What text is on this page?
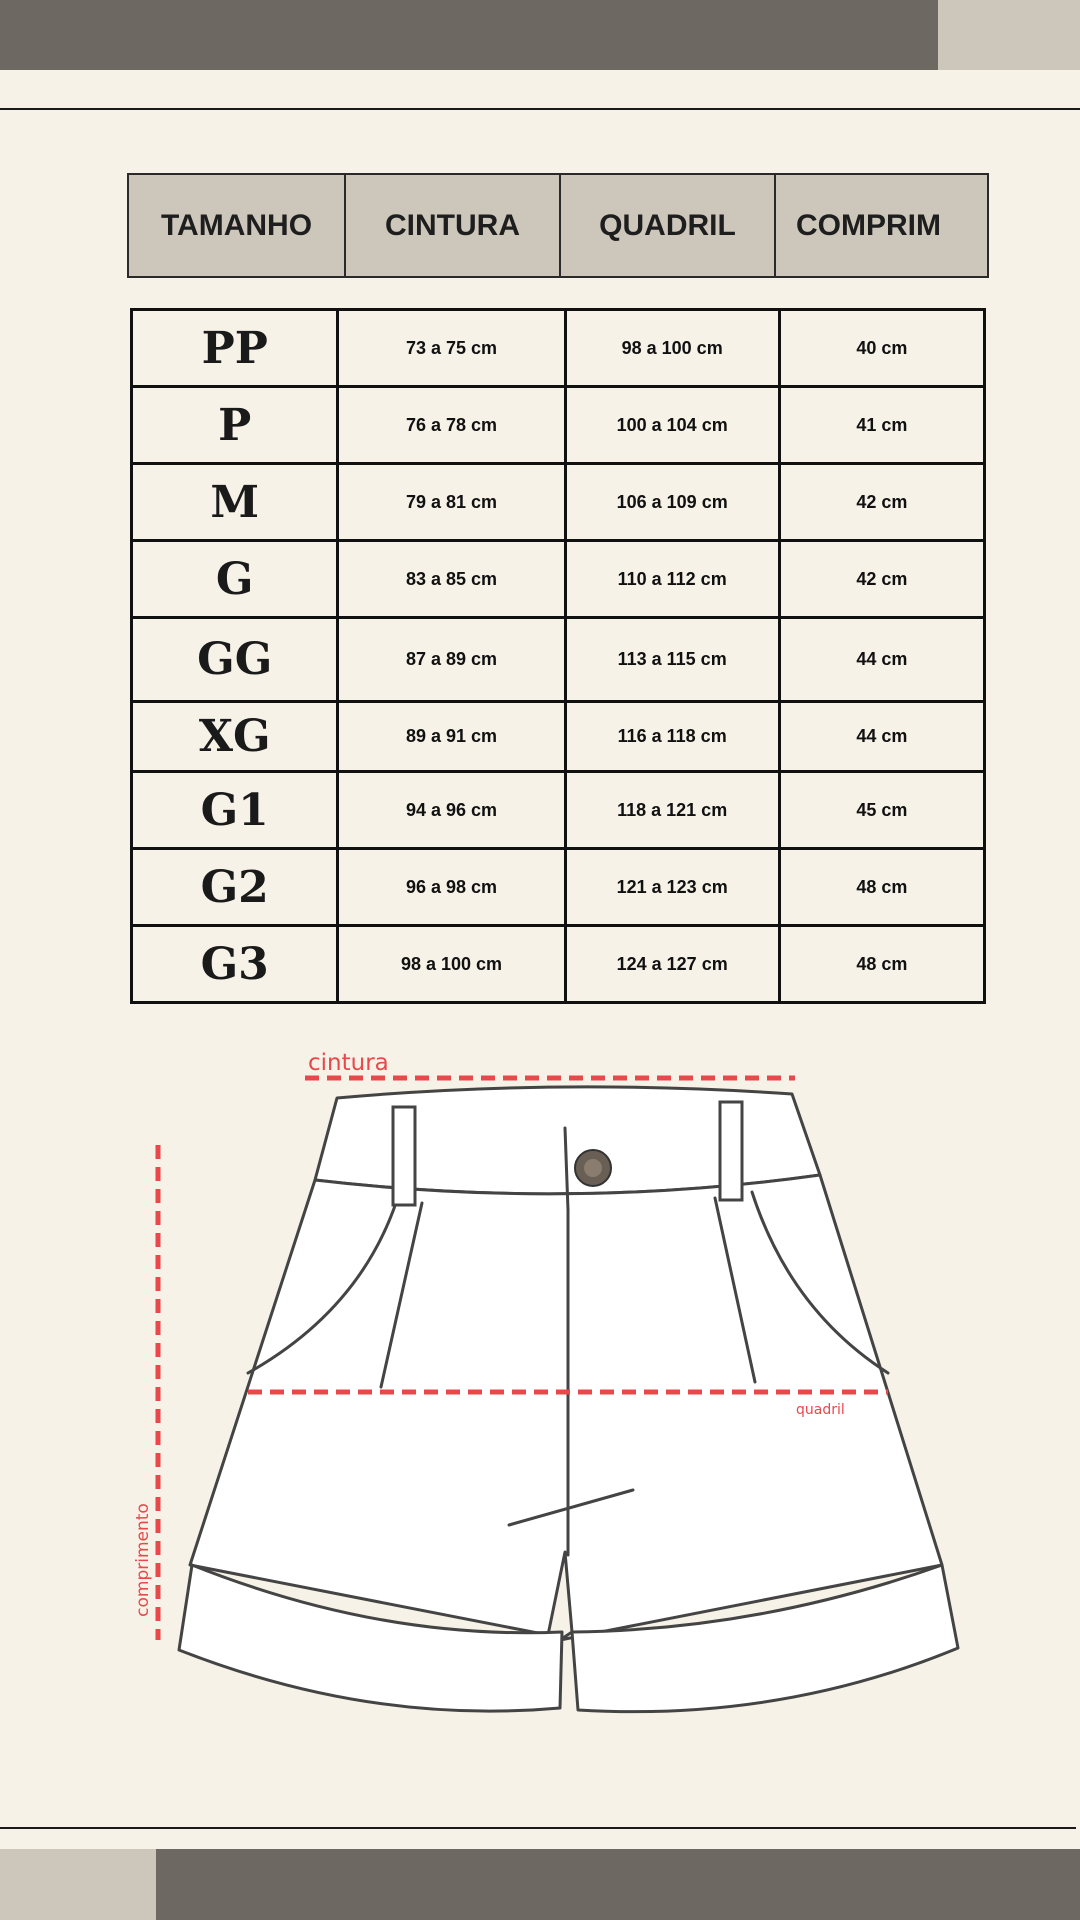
TAMANHO	CINTURA	QUADRIL	COMPRIM
PP	73 a 75 cm	98 a 100 cm	40 cm
P	76 a 78 cm	100 a 104 cm	41 cm
M	79 a 81 cm	106 a 109 cm	42 cm
G	83 a 85 cm	110 a 112 cm	42 cm
GG	87 a 89 cm	113 a 115 cm	44 cm
XG	89 a 91 cm	116 a 118 cm	44 cm
G1	94 a 96 cm	118 a 121 cm	45 cm
G2	96 a 98 cm	121 a 123 cm	48 cm
G3	98 a 100 cm	124 a 127 cm	48 cm
cintura
quadril
comprimento
